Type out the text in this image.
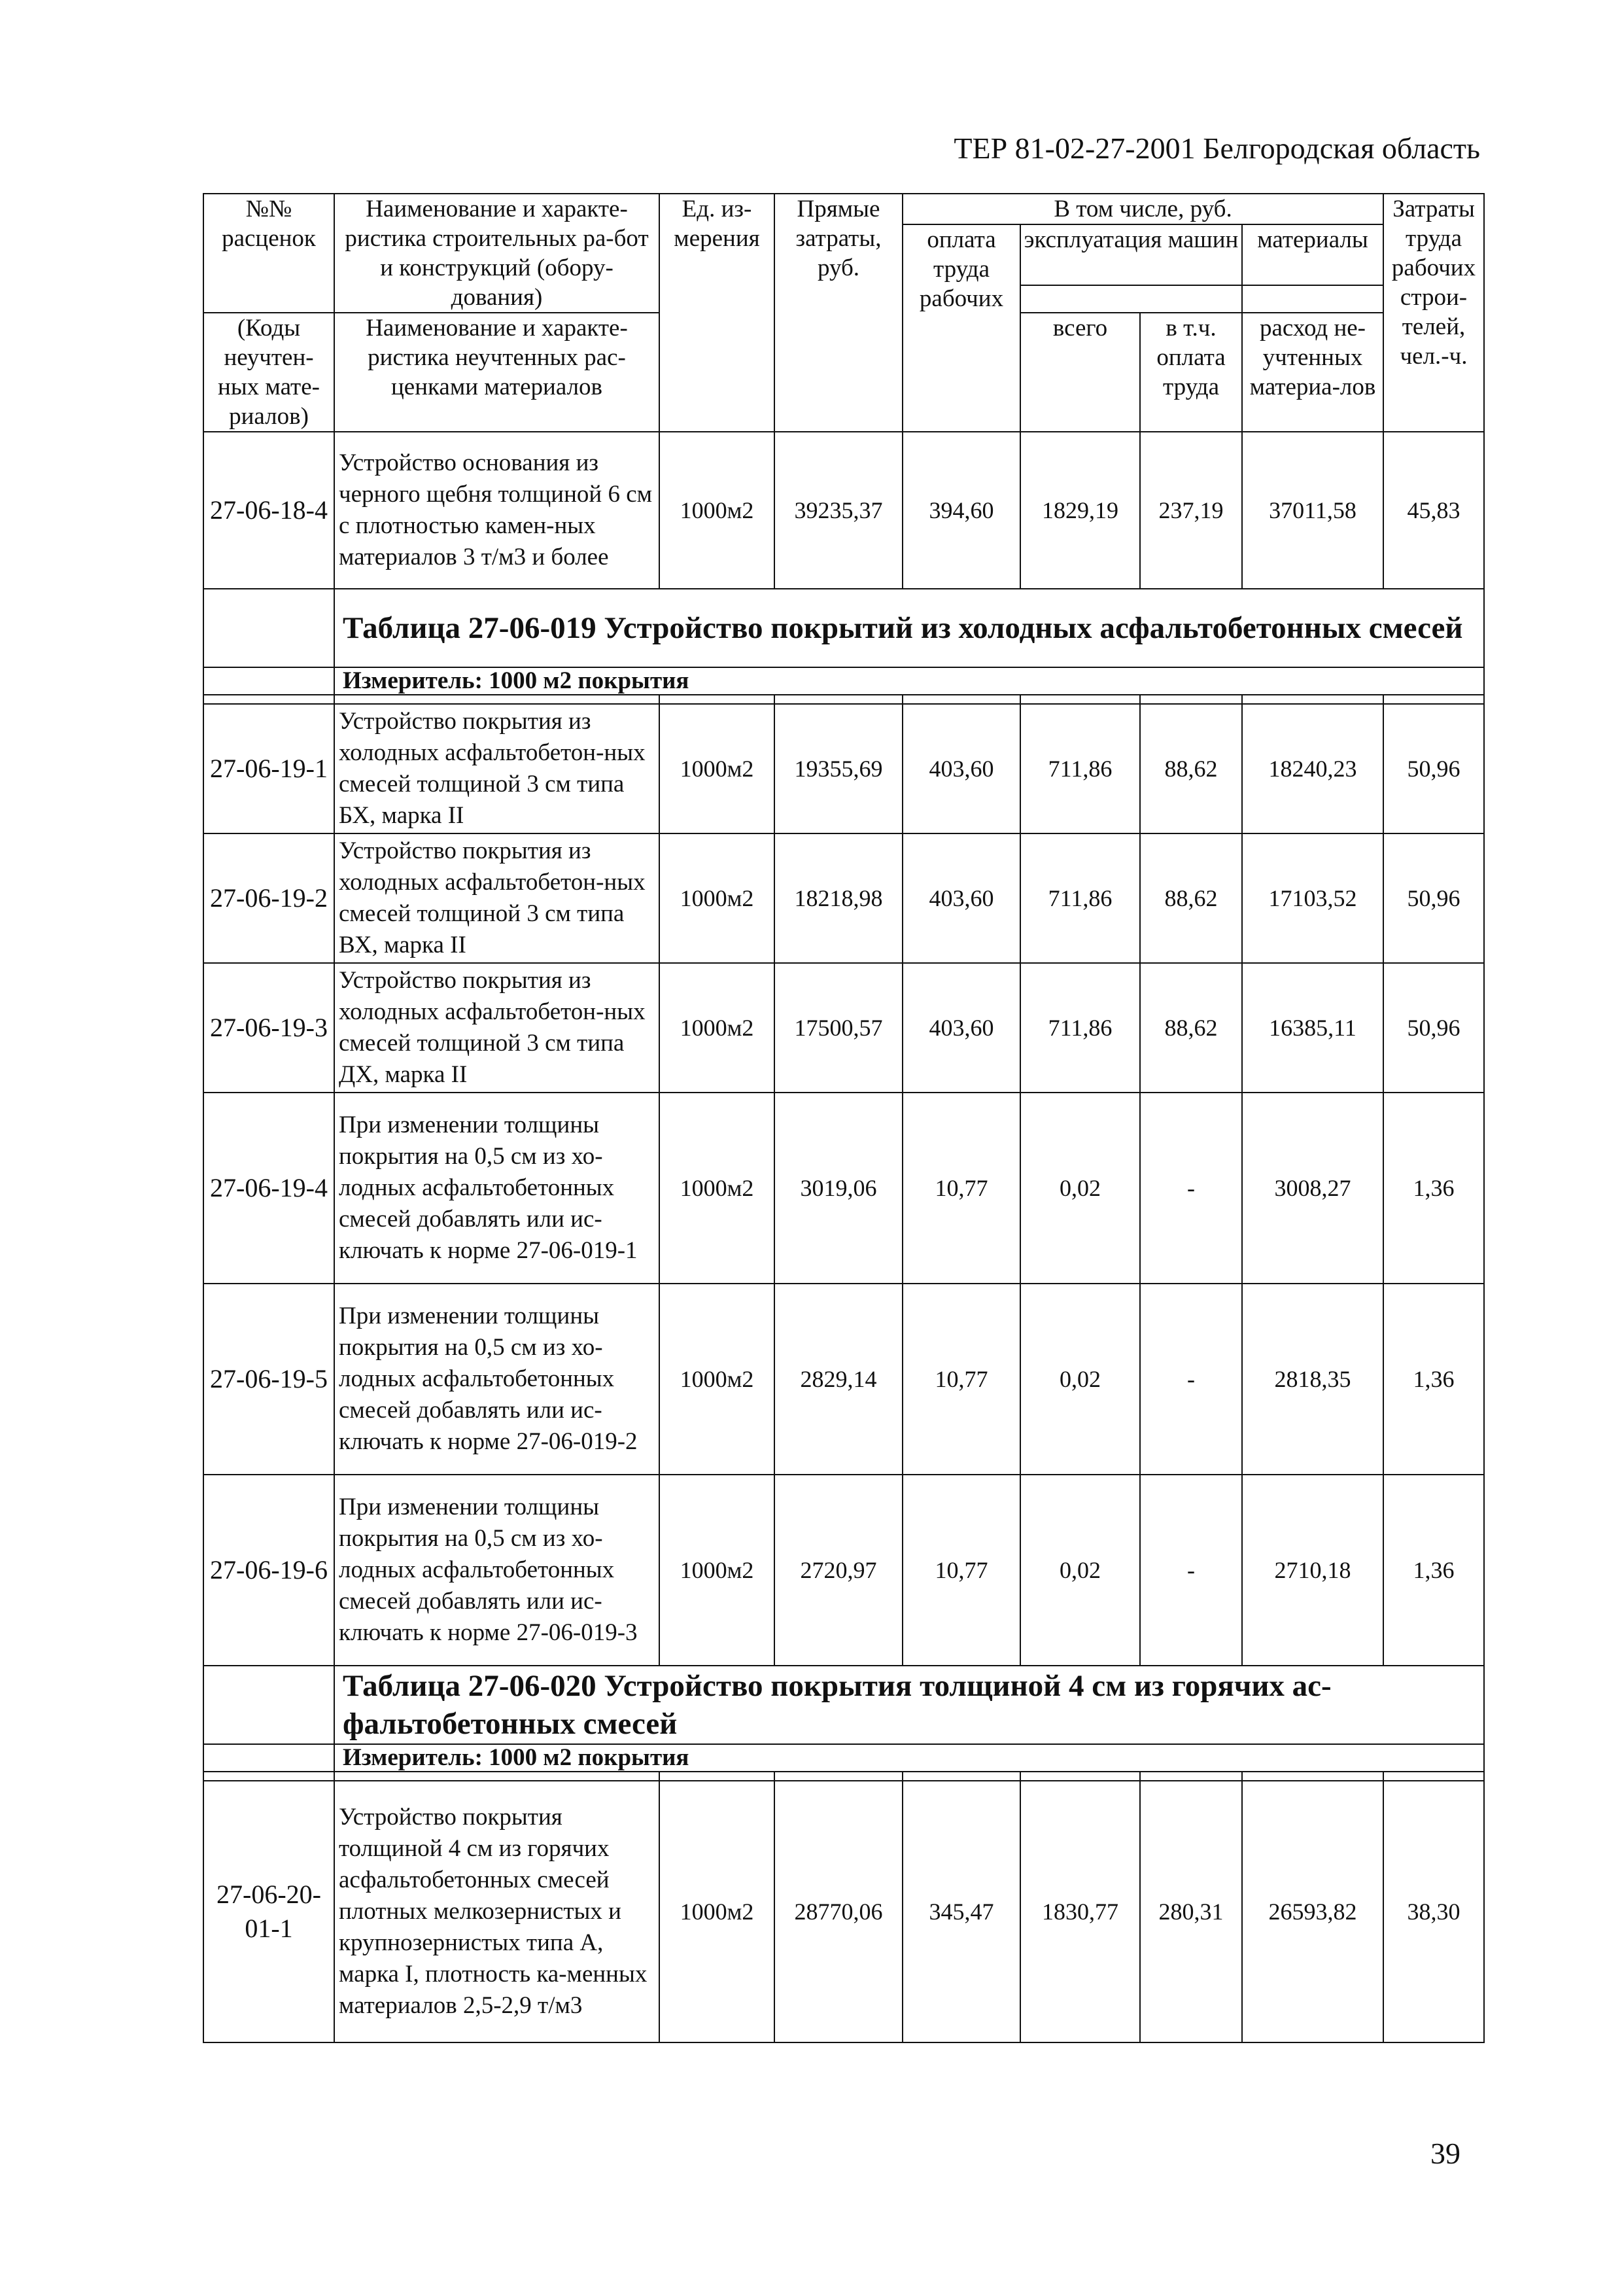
ТЕР 81-02-27-2001 Белгородская область
№№ расценок	Наименование и характе-ристика строительных ра-бот и конструкций (обору-дования)	Ед. из-мерения	Прямые затраты, руб.	В том числе, руб.				Затраты труда рабочих строи-телей, чел.-ч.
				оплата труда рабочих	эксплуатация машин		материалы	

(Коды неучтен-ных мате-риалов)	Наименование и характе-ристика неучтенных рас-ценками материалов				всего	в т.ч. оплата труда	расход не-учтенных материа-лов	

27-06-18-4	Устройство основания из черного щебня толщиной 6 см с плотностью камен-ных материалов 3 т/м3 и более	1000м2	39235,37	394,60	1829,19	237,19	37011,58	45,83
	Таблица 27-06-019 Устройство покрытий из холодных асфальтобетонных смесей							
	Измеритель: 1000 м2 покрытия							

27-06-19-1	Устройство покрытия из холодных асфальтобетон-ных смесей толщиной 3 см типа БХ, марка II	1000м2	19355,69	403,60	711,86	88,62	18240,23	50,96
27-06-19-2	Устройство покрытия из холодных асфальтобетон-ных смесей толщиной 3 см типа ВХ, марка II	1000м2	18218,98	403,60	711,86	88,62	17103,52	50,96
27-06-19-3	Устройство покрытия из холодных асфальтобетон-ных смесей толщиной 3 см типа ДХ, марка II	1000м2	17500,57	403,60	711,86	88,62	16385,11	50,96
27-06-19-4	При изменении толщины покрытия на 0,5 см из хо-лодных асфальтобетонных смесей добавлять или ис-ключать к норме 27-06-019-1	1000м2	3019,06	10,77	0,02	-	3008,27	1,36
27-06-19-5	При изменении толщины покрытия на 0,5 см из хо-лодных асфальтобетонных смесей добавлять или ис-ключать к норме 27-06-019-2	1000м2	2829,14	10,77	0,02	-	2818,35	1,36
27-06-19-6	При изменении толщины покрытия на 0,5 см из хо-лодных асфальтобетонных смесей добавлять или ис-ключать к норме 27-06-019-3	1000м2	2720,97	10,77	0,02	-	2710,18	1,36
	Таблица 27-06-020 Устройство покрытия толщиной 4 см из горячих ас-фальтобетонных смесей							
	Измеритель: 1000 м2 покрытия							

27-06-20-01-1	Устройство покрытия толщиной 4 см из горячих асфальтобетонных смесей плотных мелкозернистых и крупнозернистых типа А, марка I, плотность ка-менных материалов 2,5-2,9 т/м3	1000м2	28770,06	345,47	1830,77	280,31	26593,82	38,30
39
